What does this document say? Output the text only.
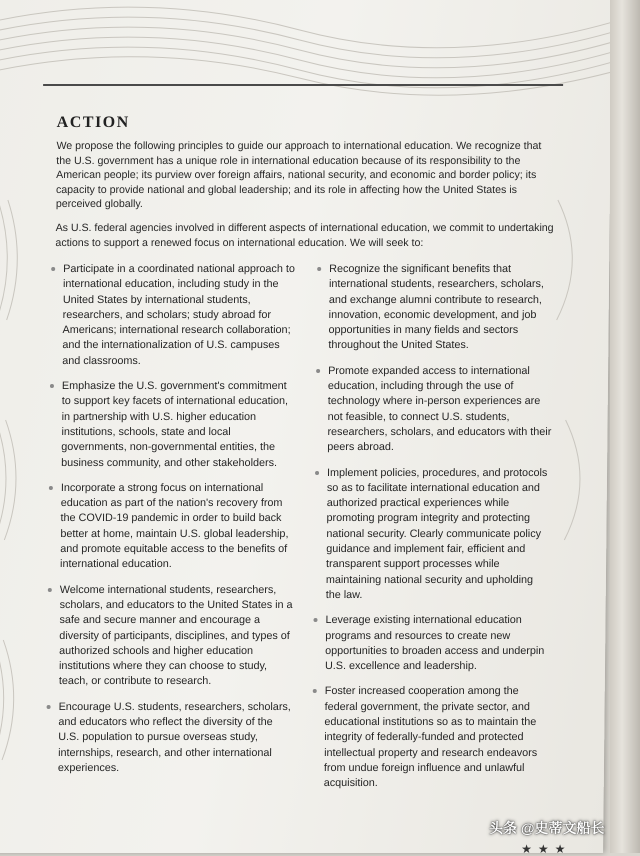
ACTION
We propose the following principles to guide our approach to international education. We recognize that the U.S. government has a unique role in international education because of its responsibility to the American people; its purview over foreign affairs, national security, and economic and border policy; its capacity to provide national and global leadership; and its role in affecting how the United States is perceived globally.
As U.S. federal agencies involved in different aspects of international education, we commit to undertaking actions to support a renewed focus on international education. We will seek to:
Participate in a coordinated national approach to international education, including study in the United States by international students, researchers, and scholars; study abroad for Americans; international research collaboration; and the internationalization of U.S. campuses and classrooms.
Emphasize the U.S. government's commitment to support key facets of international education, in partnership with U.S. higher education institutions, schools, state and local governments, non-governmental entities, the business community, and other stakeholders.
Incorporate a strong focus on international education as part of the nation's recovery from the COVID-19 pandemic in order to build back better at home, maintain U.S. global leadership, and promote equitable access to the benefits of international education.
Welcome international students, researchers, scholars, and educators to the United States in a safe and secure manner and encourage a diversity of participants, disciplines, and types of authorized schools and higher education institutions where they can choose to study, teach, or contribute to research.
Encourage U.S. students, researchers, scholars, and educators who reflect the diversity of the U.S. population to pursue overseas study, internships, research, and other international experiences.
Recognize the significant benefits that international students, researchers, scholars, and exchange alumni contribute to research, innovation, economic development, and job opportunities in many fields and sectors throughout the United States.
Promote expanded access to international education, including through the use of technology where in-person experiences are not feasible, to connect U.S. students, researchers, scholars, and educators with their peers abroad.
Implement policies, procedures, and protocols so as to facilitate international education and authorized practical experiences while promoting program integrity and protecting national security. Clearly communicate policy guidance and implement fair, efficient and transparent support processes while maintaining national security and upholding the law.
Leverage existing international education programs and resources to create new opportunities to broaden access and underpin U.S. excellence and leadership.
Foster increased cooperation among the federal government, the private sector, and educational institutions so as to maintain the integrity of federally-funded and protected intellectual property and research endeavors from undue foreign influence and unlawful acquisition.
★★★
头条 @史蒂文船长
